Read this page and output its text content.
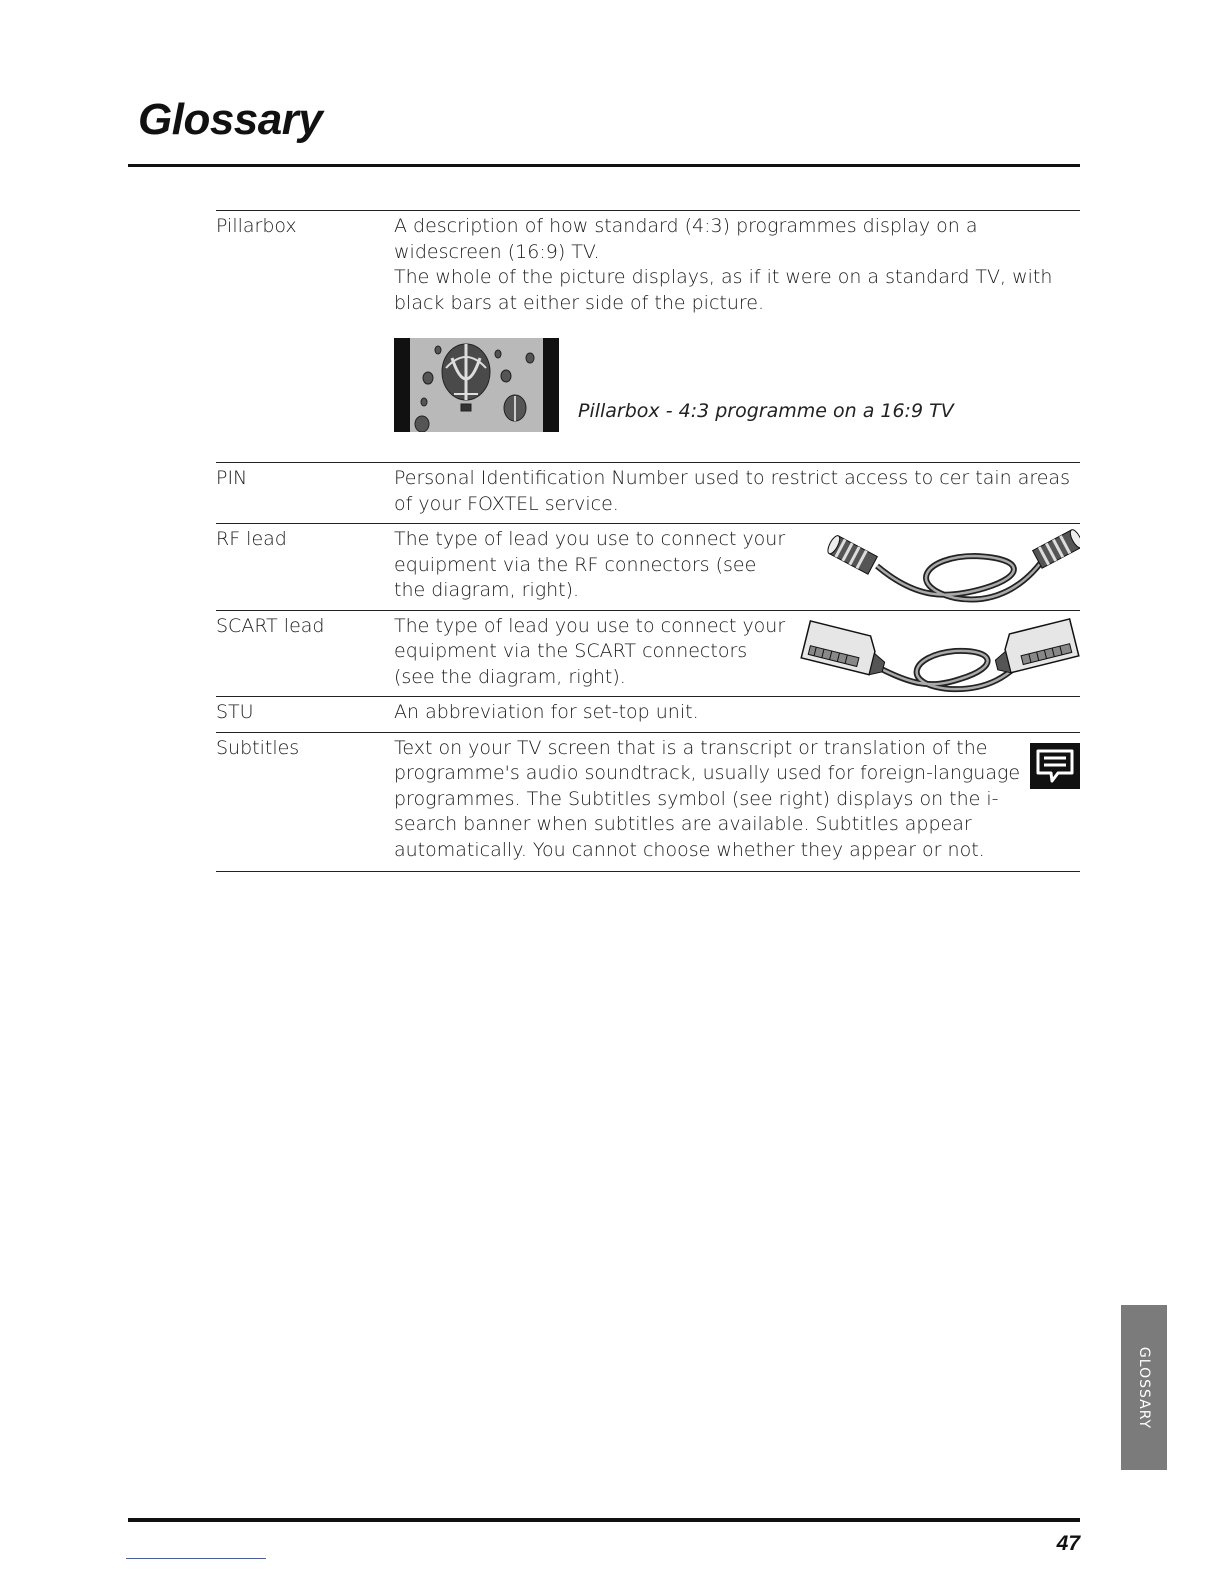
Glossary
Pillarbox	A description of how standard (4:3) programmes display on a widescreen (16:9) TV.

The whole of the picture displays, as if it were on a standard TV, with black bars at either side of the picture.

Pillarbox - 4:3 programme on a 16:9 TV
PIN	Personal Identification Number used to restrict access to cer tain areas of your FOXTEL service.
RF lead	The type of lead you use to connect your equipment via the RF connectors (see the diagram, right).
SCART lead	The type of lead you use to connect your equipment via the SCART connectors (see the diagram, right).
STU	An abbreviation for set-top unit.
Subtitles	Text on your TV screen that is a transcript or translation of the programme's audio soundtrack, usually used for foreign-language programmes. The Subtitles symbol (see right) displays on the i-search banner when subtitles are available. Subtitles appear automatically. You cannot choose whether they appear or not.
GLOSSARY
47
